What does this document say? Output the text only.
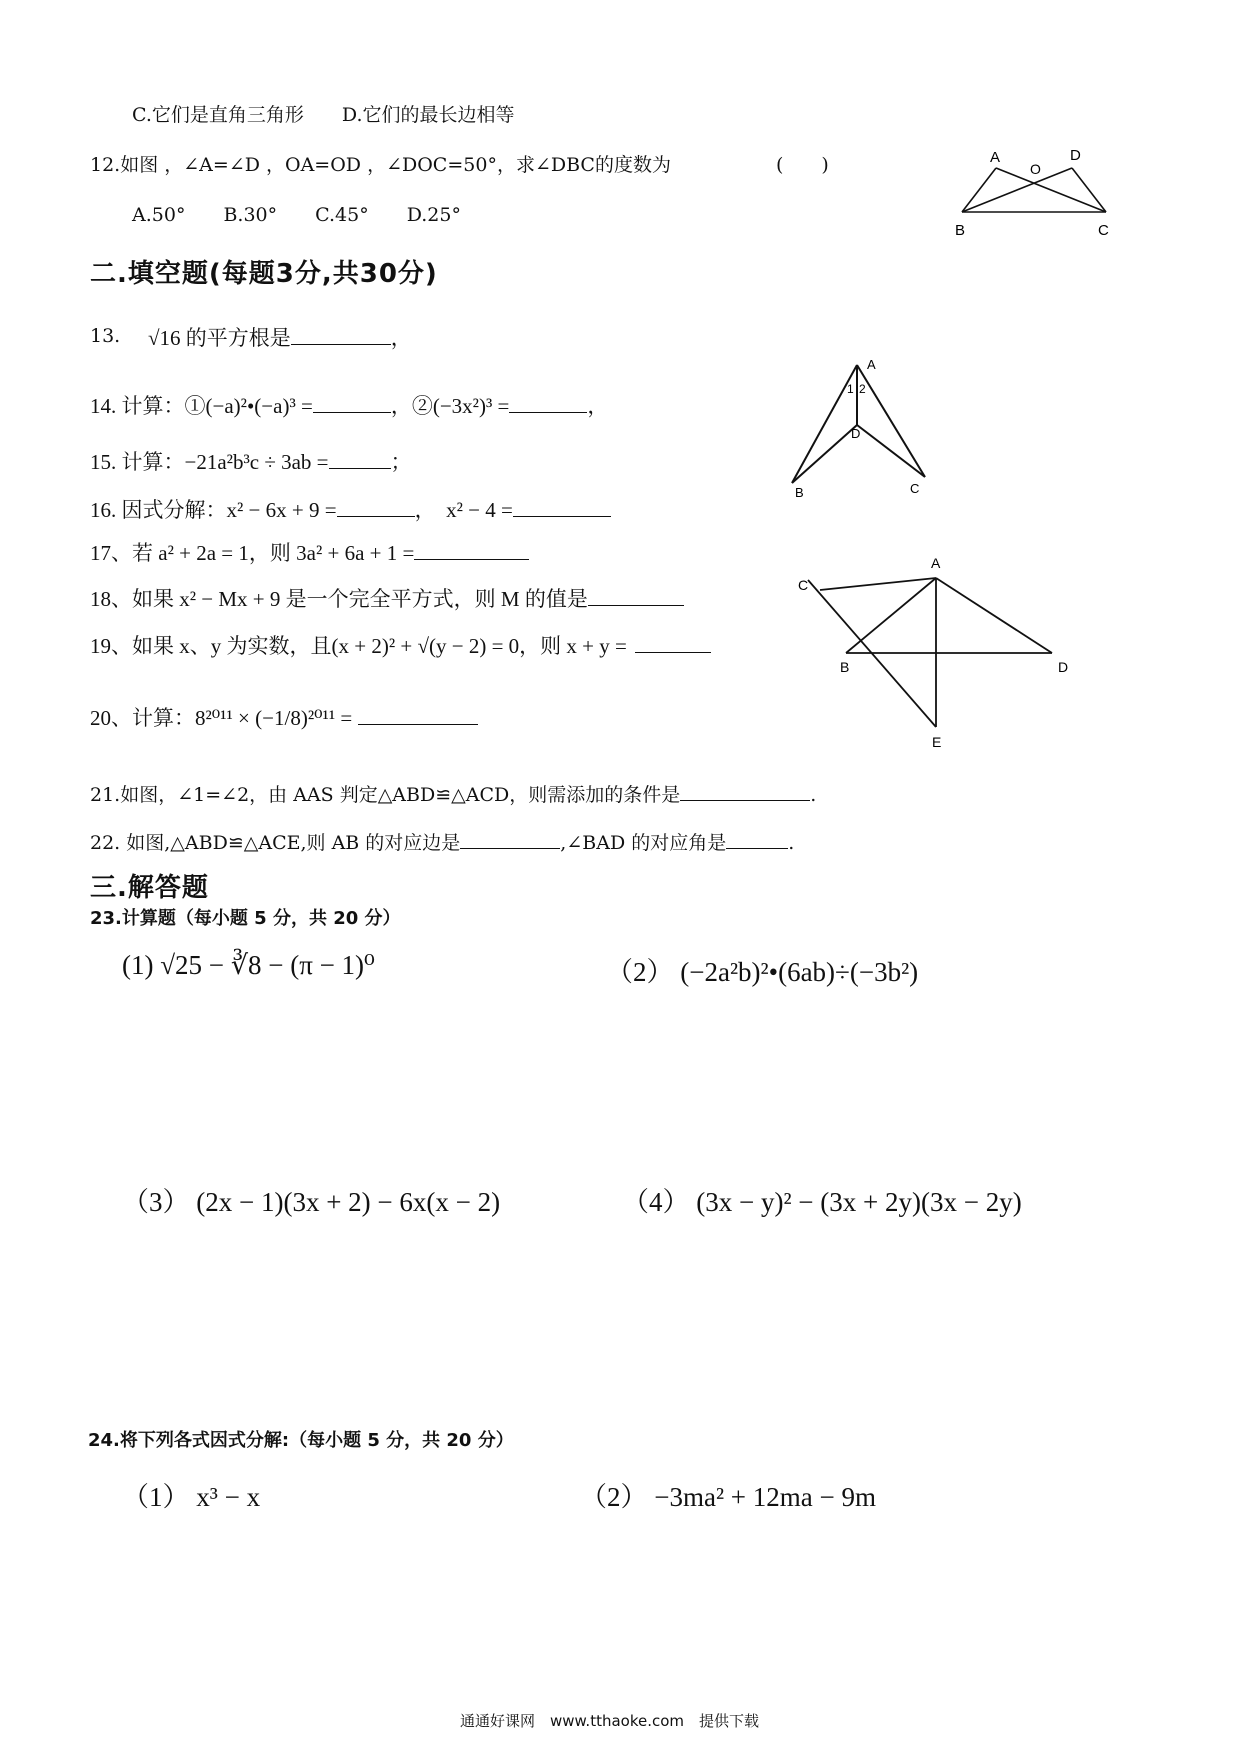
C.它们是直角三角形　　D.它们的最长边相等
12.如图 ，∠A=∠D ，OA=OD ，∠DOC=50°，求∠DBC的度数为	(　　)
A.50°　　B.30°　　C.45°　　D.25°
A	D
O
B	C
二.填空题(每题3分,共30分)
13. √16 的平方根是	，
14. 计算：①(−a)²•(−a)³ =	，②(−3x²)³ =	，
15. 计算：−21a²b³c ÷ 3ab =	；
16. 因式分解：x² − 6x + 9 =	，　x² − 4 =
17、若 a² + 2a = 1，则 3a² + 6a + 1 =
18、如果 x² − Mx + 9 是一个完全平方式，则 M 的值是
19、如果 x、y 为实数，且(x + 2)² + √(y − 2) = 0，则 x + y =
20、计算：8²⁰¹¹ × (−1/8)²⁰¹¹ =
A
1 2
D
B	C
A
C
B	D
E
21.如图，∠1=∠2，由 AAS 判定△ABD≌△ACD，则需添加的条件是	.
22. 如图,△ABD≌△ACE,则 AB 的对应边是	,∠BAD 的对应角是	.
三.解答题
23.计算题（每小题 5 分，共 20 分）
(1) √25 − ∛8 − (π − 1)⁰	（2） (−2a²b)²•(6ab)÷(−3b²)
（3） (2x − 1)(3x + 2) − 6x(x − 2)	（4） (3x − y)² − (3x + 2y)(3x − 2y)
24.将下列各式因式分解:（每小题 5 分，共 20 分）
（1） x³ − x	（2） −3ma² + 12ma − 9m
通通好课网　www.tthaoke.com　提供下载
